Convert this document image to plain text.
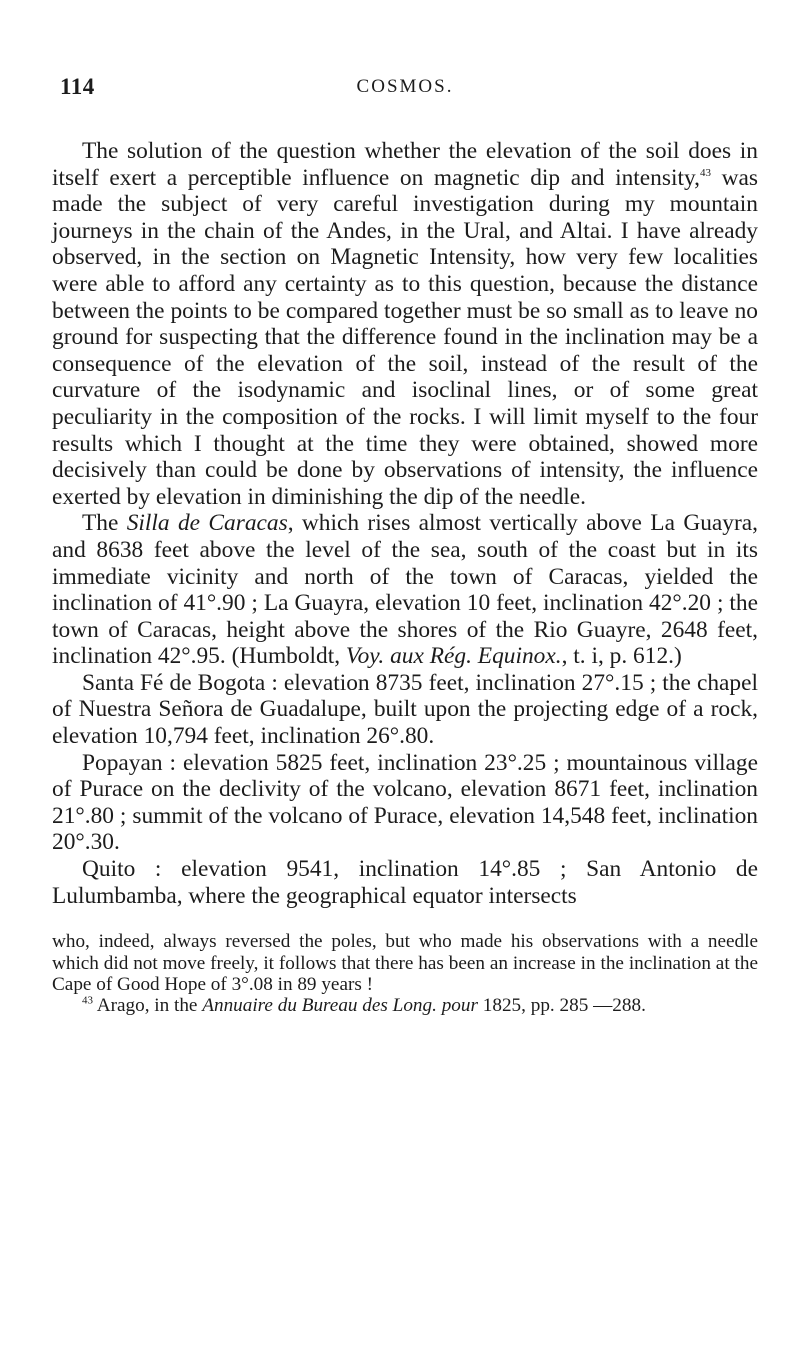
114	COSMOS.

The solution of the question whether the elevation of the soil does in itself exert a perceptible influence on magnetic dip and intensity,$^{43}$ was made the subject of very careful investigation during my mountain journeys in the chain of the Andes, in the Ural, and Altai. I have already observed, in the section on Magnetic Intensity, how very few localities were able to afford any certainty as to this question, because the distance between the points to be compared together must be so small as to leave no ground for suspecting that the difference found in the inclination may be a consequence of the elevation of the soil, instead of the result of the curvature of the isodynamic and isoclinal lines, or of some great peculiarity in the composition of the rocks. I will limit myself to the four results which I thought at the time they were obtained, showed more decisively than could be done by observations of intensity, the influence exerted by elevation in diminishing the dip of the needle.

The Silla de Caracas, which rises almost vertically above La Guayra, and 8638 feet above the level of the sea, south of the coast but in its immediate vicinity and north of the town of Caracas, yielded the inclination of 41°.90 ; La Guayra, elevation 10 feet, inclination 42°.20 ; the town of Caracas, height above the shores of the Rio Guayre, 2648 feet, inclination 42°.95. (Humboldt, Voy. aux Rég. Equinox., t. i, p. 612.)

Santa Fé de Bogota : elevation 8735 feet, inclination 27°.15 ; the chapel of Nuestra Señora de Guadalupe, built upon the projecting edge of a rock, elevation 10,794 feet, inclination 26°.80.

Popayan : elevation 5825 feet, inclination 23°.25 ; mountainous village of Purace on the declivity of the volcano, elevation 8671 feet, inclination 21°.80 ; summit of the volcano of Purace, elevation 14,548 feet, inclination 20°.30.

Quito : elevation 9541, inclination 14°.85 ; San Antonio de Lulumbamba, where the geographical equator intersects

who, indeed, always reversed the poles, but who made his observations with a needle which did not move freely, it follows that there has been an increase in the inclination at the Cape of Good Hope of 3°.08 in 89 years !

$^{43}$ Arago, in the Annuaire du Bureau des Long. pour 1825, pp. 285 —288.
